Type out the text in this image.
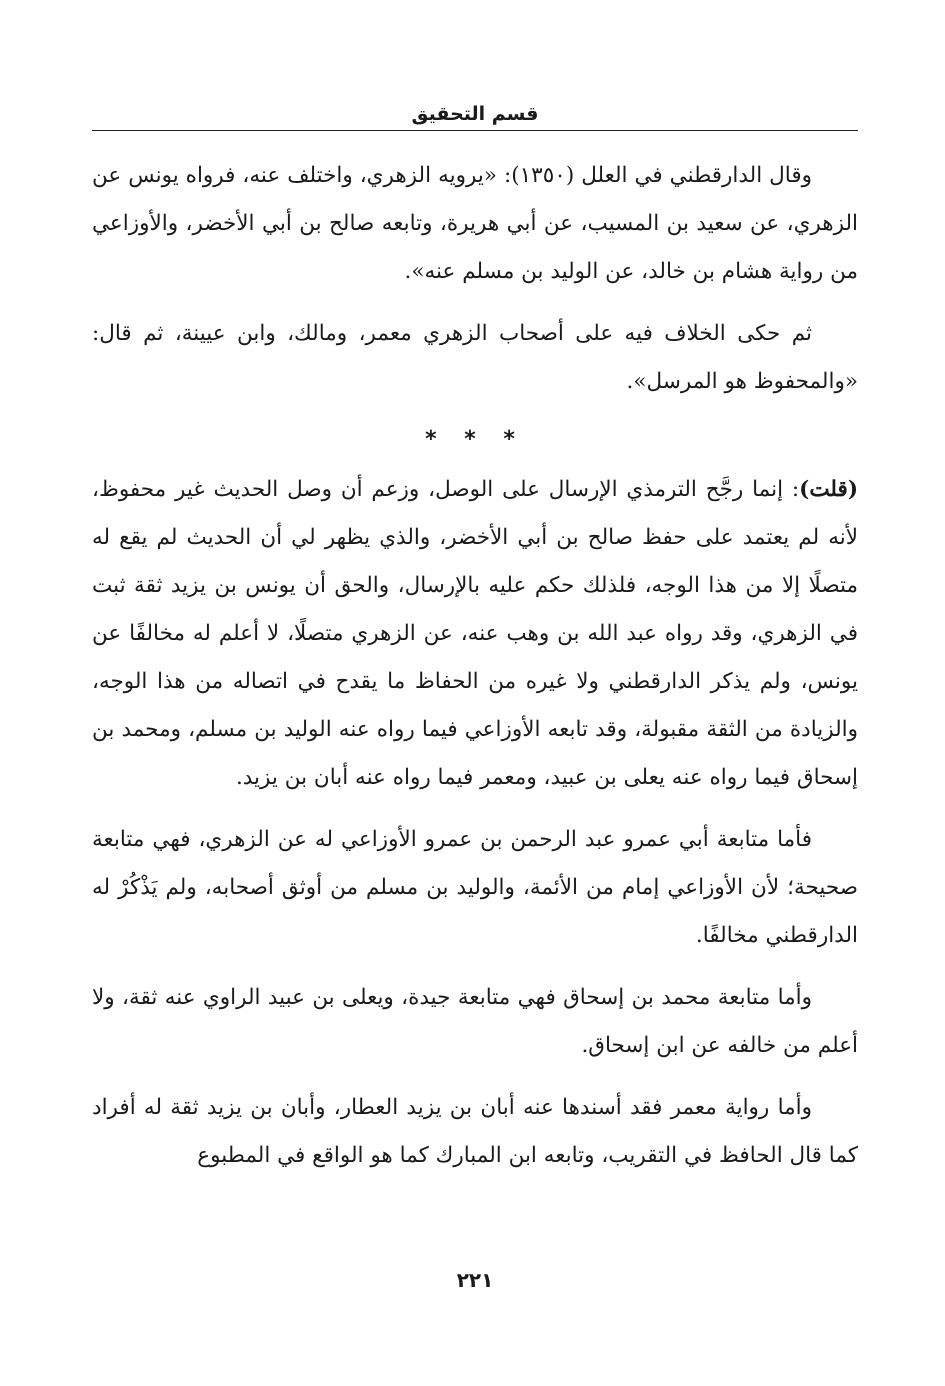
قسم التحقيق

وقال الدارقطني في العلل (١٣٥٠): «يرويه الزهري، واختلف عنه، فرواه يونس عن الزهري، عن سعيد بن المسيب، عن أبي هريرة، وتابعه صالح بن أبي الأخضر، والأوزاعي من رواية هشام بن خالد، عن الوليد بن مسلم عنه».

ثم حكى الخلاف فيه على أصحاب الزهري معمر، ومالك، وابن عيينة، ثم قال: «والمحفوظ هو المرسل».

* * *

(قلت): إنما رجَّح الترمذي الإرسال على الوصل، وزعم أن وصل الحديث غير محفوظ، لأنه لم يعتمد على حفظ صالح بن أبي الأخضر، والذي يظهر لي أن الحديث لم يقع له متصلًا إلا من هذا الوجه، فلذلك حكم عليه بالإرسال، والحق أن يونس بن يزيد ثقة ثبت في الزهري، وقد رواه عبد الله بن وهب عنه، عن الزهري متصلًا، لا أعلم له مخالفًا عن يونس، ولم يذكر الدارقطني ولا غيره من الحفاظ ما يقدح في اتصاله من هذا الوجه، والزيادة من الثقة مقبولة، وقد تابعه الأوزاعي فيما رواه عنه الوليد بن مسلم، ومحمد بن إسحاق فيما رواه عنه يعلى بن عبيد، ومعمر فيما رواه عنه أبان بن يزيد.

فأما متابعة أبي عمرو عبد الرحمن بن عمرو الأوزاعي له عن الزهري، فهي متابعة صحيحة؛ لأن الأوزاعي إمام من الأئمة، والوليد بن مسلم من أوثق أصحابه، ولم يَذْكُرْ له الدارقطني مخالفًا.

وأما متابعة محمد بن إسحاق فهي متابعة جيدة، ويعلى بن عبيد الراوي عنه ثقة، ولا أعلم من خالفه عن ابن إسحاق.

وأما رواية معمر فقد أسندها عنه أبان بن يزيد العطار، وأبان بن يزيد ثقة له أفراد كما قال الحافظ في التقريب، وتابعه ابن المبارك كما هو الواقع في المطبوع

٢٢١
